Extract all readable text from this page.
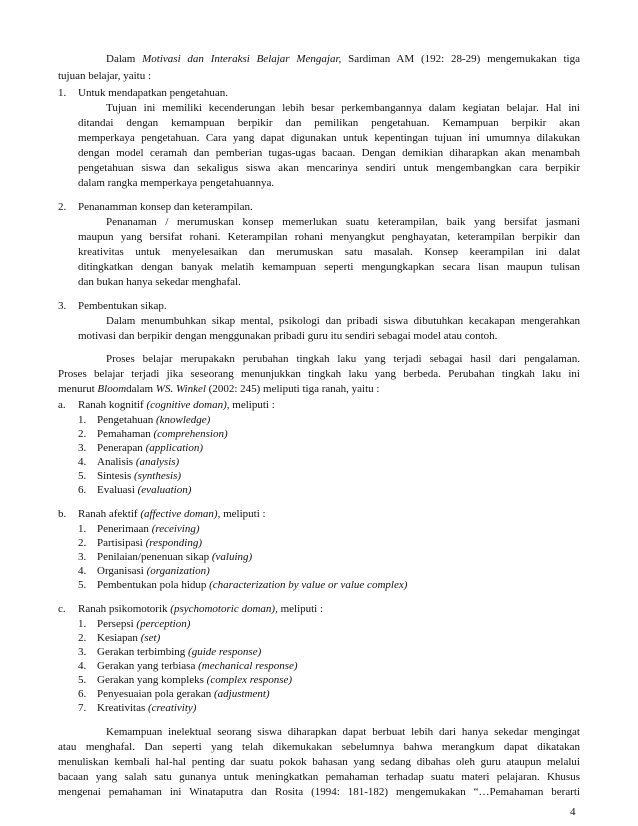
Dalam Motivasi dan Interaksi Belajar Mengajar, Sardiman AM (192: 28-29) mengemukakan tiga
tujuan belajar, yaitu :
1. Untuk mendapatkan pengetahuan.
Tujuan ini memiliki kecenderungan lebih besar perkembangannya dalam kegiatan belajar. Hal ini
ditandai dengan kemampuan berpikir dan pemilikan pengetahuan. Kemampuan berpikir akan
memperkaya pengetahuan. Cara yang dapat digunakan untuk kepentingan tujuan ini umumnya dilakukan
dengan model ceramah dan pemberian tugas-ugas bacaan. Dengan demikian diharapkan akan menambah
pengetahuan siswa dan sekaligus siswa akan mencarinya sendiri untuk mengembangkan cara berpikir
dalam rangka memperkaya pengetahuannya.
2. Penanamman konsep dan keterampilan.
Penanaman / merumuskan konsep memerlukan suatu keterampilan, baik yang bersifat jasmani
maupun yang bersifat rohani. Keterampilan rohani menyangkut penghayatan, keterampilan berpikir dan
kreativitas untuk menyelesaikan dan merumuskan satu masalah. Konsep keerampilan ini dalat
ditingkatkan dengan banyak melatih kemampuan seperti mengungkapkan secara lisan maupun tulisan
dan bukan hanya sekedar menghafal.
3. Pembentukan sikap.
Dalam menumbuhkan sikap mental, psikologi dan pribadi siswa dibutuhkan kecakapan mengerahkan
motivasi dan berpikir dengan menggunakan pribadi guru itu sendiri sebagai model atau contoh.
Proses belajar merupakakn perubahan tingkah laku yang terjadi sebagai hasil dari pengalaman.
Proses belajar terjadi jika seseorang menunjukkan tingkah laku yang berbeda. Perubahan tingkah laku ini
menurut Bloomdalam WS. Winkel (2002: 245) meliputi tiga ranah, yaitu :
a. Ranah kognitif (cognitive doman), meliputi :
1. Pengetahuan (knowledge)
2. Pemahaman (comprehension)
3. Penerapan (application)
4. Analisis (analysis)
5. Sintesis (synthesis)
6. Evaluasi (evaluation)
b. Ranah afektif (affective doman), meliputi :
1. Penerimaan (receiving)
2. Partisipasi (responding)
3. Penilaian/penenuan sikap (valuing)
4. Organisasi (organization)
5. Pembentukan pola hidup (characterization by value or value complex)
c. Ranah psikomotorik (psychomotoric doman), meliputi :
1. Persepsi (perception)
2. Kesiapan (set)
3. Gerakan terbimbing (guide response)
4. Gerakan yang terbiasa (mechanical response)
5. Gerakan yang kompleks (complex response)
6. Penyesuaian pola gerakan (adjustment)
7. Kreativitas (creativity)
Kemampuan inelektual seorang siswa diharapkan dapat berbuat lebih dari hanya sekedar mengingat
atau menghafal. Dan seperti yang telah dikemukakan sebelumnya bahwa merangkum dapat dikatakan
menuliskan kembali hal-hal penting dar suatu pokok bahasan yang sedang dibahas oleh guru ataupun melalui
bacaan yang salah satu gunanya untuk meningkatkan pemahaman terhadap suatu materi pelajaran. Khusus
mengenai pemahaman ini Winataputra dan Rosita (1994: 181-182) mengemukakan “…Pemahaman berarti
4
